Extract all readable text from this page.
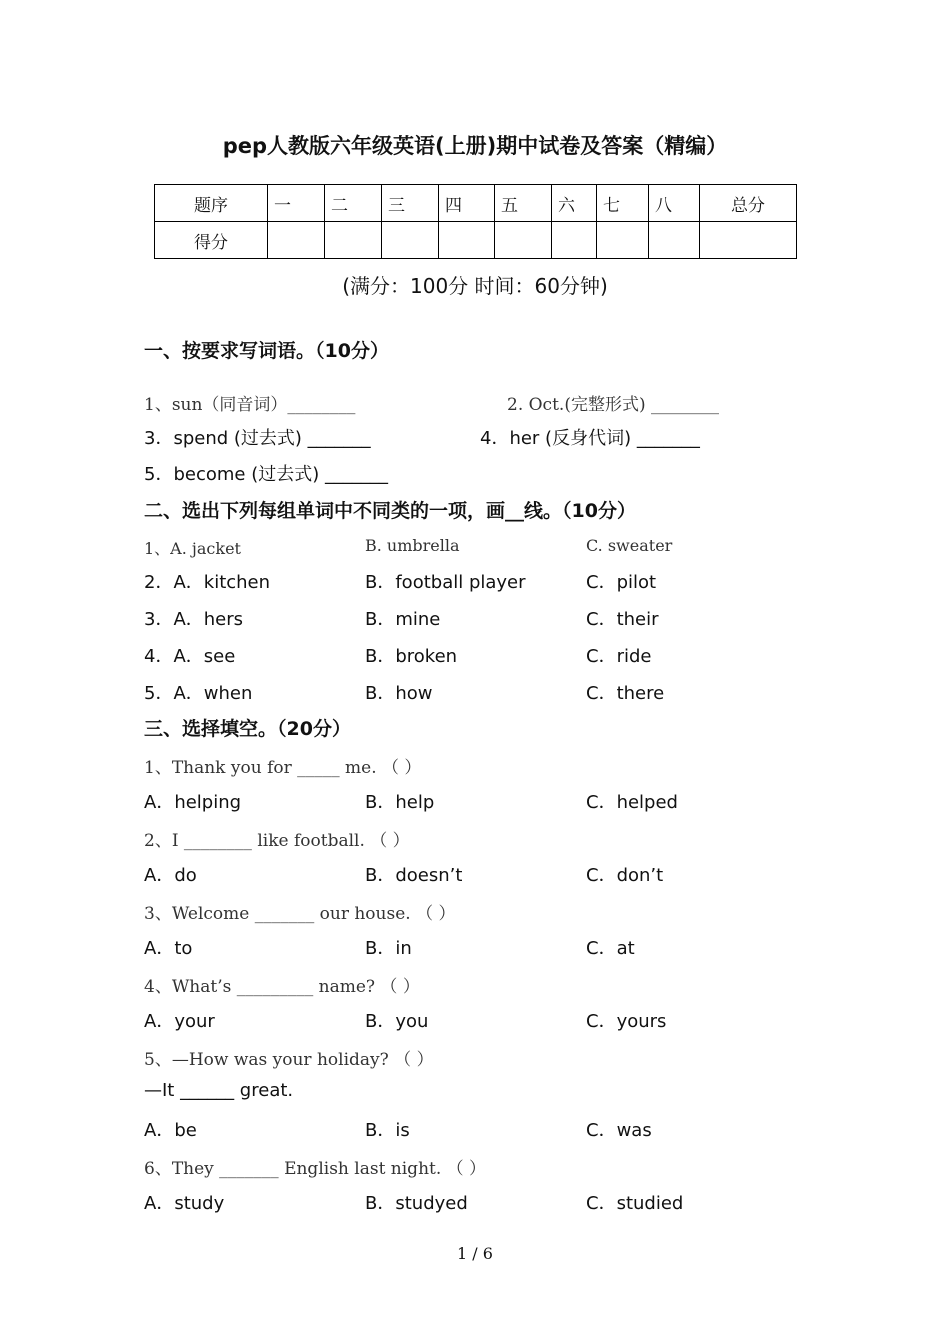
pep人教版六年级英语(上册)期中试卷及答案（精编）
题序	一	二	三	四	五	六	七	八	总分
得分									
(满分：100分 时间：60分钟)
一、按要求写词语。（10分）
1、sun（同音词）________	2. Oct.(完整形式) ________
3．spend (过去式) _______	4．her (反身代词) _______
5．become (过去式) _______
二、选出下列每组单词中不同类的一项，画__线。（10分）
1、A. jacket	B. umbrella	C. sweater
2．A．kitchen	B．football player	C．pilot
3．A．hers	B．mine	C．their
4．A．see	B．broken	C．ride
5．A．when	B．how	C．there
三、选择填空。（20分）
1、Thank you for _____ me. （ ）
A．helping	B．help	C．helped
2、I ________ like football. （ ）
A．do	B．doesn’t	C．don’t
3、Welcome _______ our house. （ ）
A．to	B．in	C．at
4、What’s _________ name? （ ）
A．your	B．you	C．yours
5、—How was your holiday? （ ）
—It ______ great.
A．be	B．is	C．was
6、They _______ English last night. （ ）
A．study	B．studyed	C．studied
1 / 6
